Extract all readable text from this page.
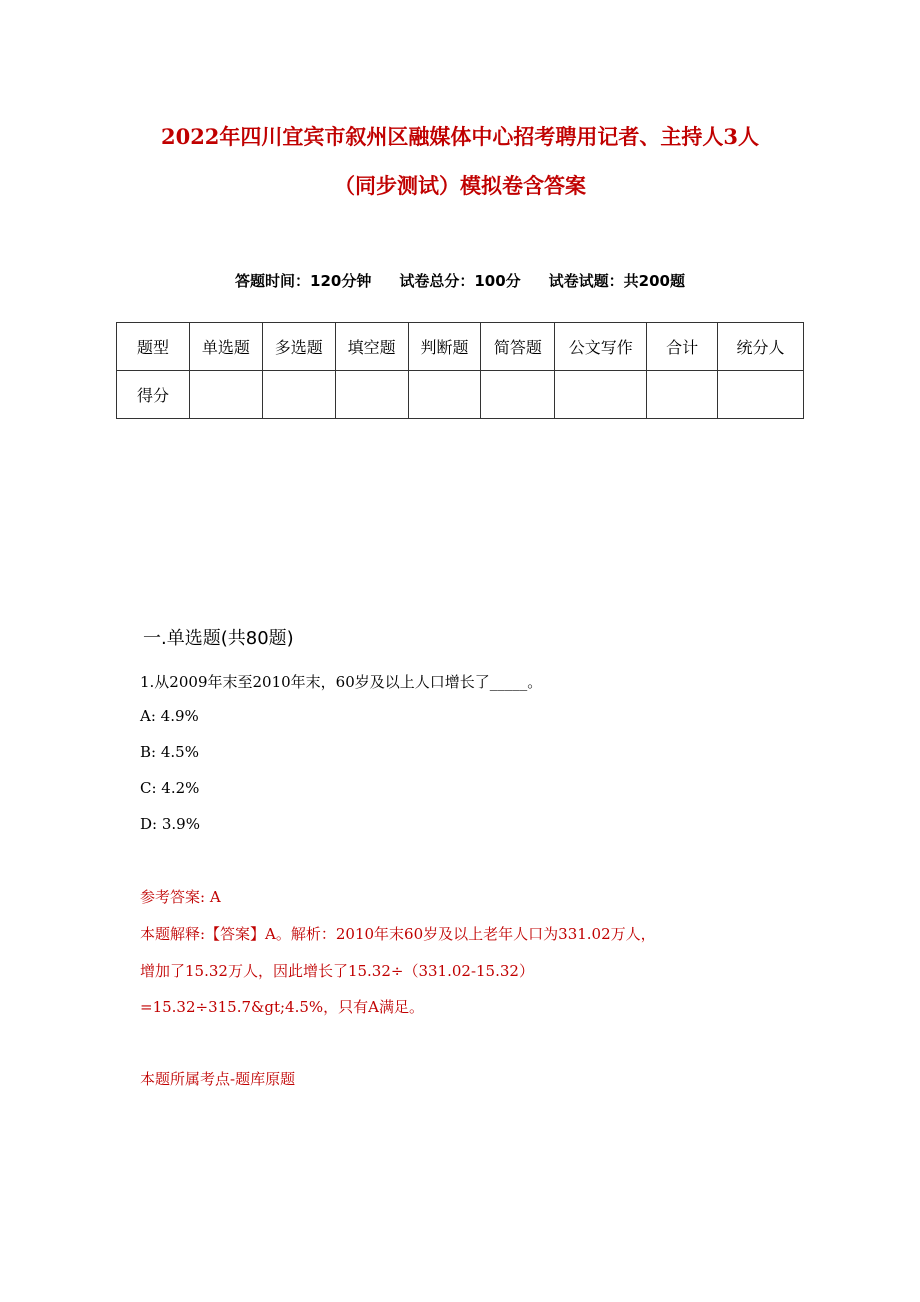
2022年四川宜宾市叙州区融媒体中心招考聘用记者、主持人3人
（同步测试）模拟卷含答案
答题时间：120分钟 试卷总分：100分 试卷试题：共200题
题型	单选题	多选题	填空题	判断题	简答题	公文写作	合计	统分人
得分								
一.单选题(共80题)
1.从2009年末至2010年末，60岁及以上人口增长了_____。
A: 4.9%
B: 4.5%
C: 4.2%
D: 3.9%
参考答案: A
本题解释:【答案】A。解析：2010年末60岁及以上老年人口为331.02万人，
增加了15.32万人，因此增长了15.32÷（331.02-15.32）
=15.32÷315.7&gt;4.5%，只有A满足。
本题所属考点-题库原题
